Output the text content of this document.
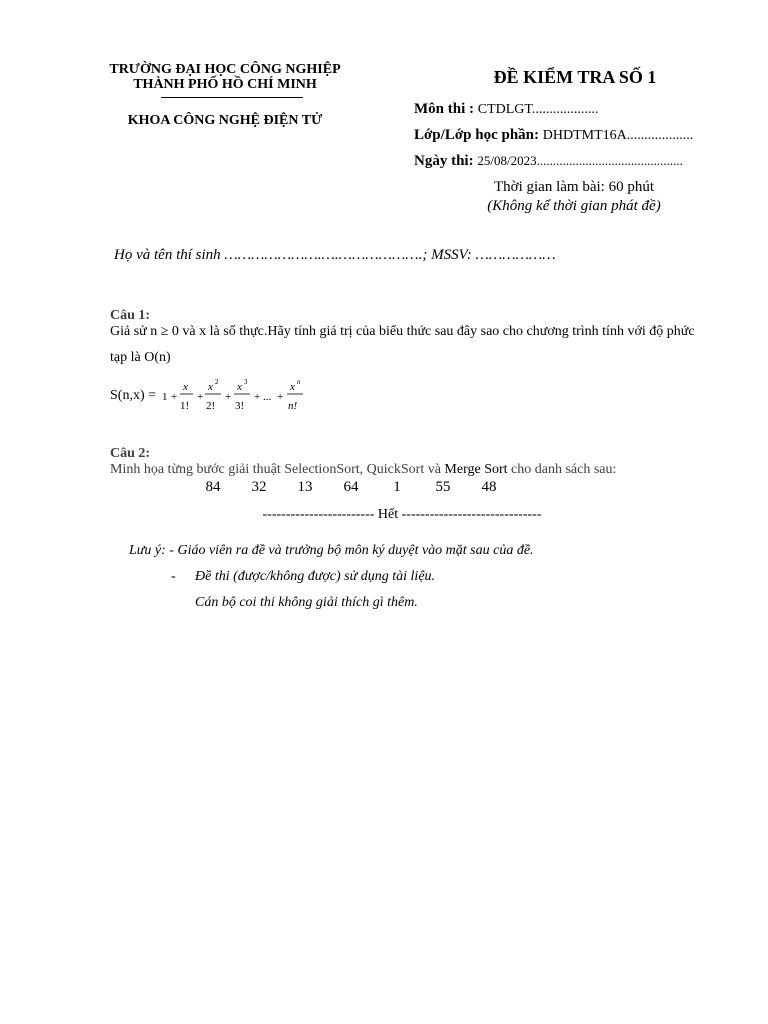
TRƯỜNG ĐẠI HỌC CÔNG NGHIỆP
THÀNH PHỐ HỒ CHÍ MINH
KHOA CÔNG NGHỆ ĐIỆN TỬ
ĐỀ KIỂM TRA SỐ 1
Môn thi : CTDLGT...................
Lớp/Lớp học phần: DHDTMT16A...................
Ngày thi: 25/08/2023.............................................
Thời gian làm bài: 60 phút
(Không kể thời gian phát đề)
Họ và tên thí sinh ………………….….……………….; MSSV: ………………
Câu 1:
Giả sử n ≥ 0 và x là số thực.Hãy tính giá trị của biểu thức sau đây sao cho chương trình tính với độ phức tạp là O(n)
S(n,x) = 1 +
x
1!
+
x 2
2!
+
x 3
3!
+ ... +
x n
n!
Câu 2:
Minh họa từng bước giải thuật SelectionSort, QuickSort và Merge Sort cho danh sách sau:
84 32 13 64 1 55 48
------------------------ Hết ------------------------------
Lưu ý: - Giáo viên ra đề và trưởng bộ môn ký duyệt vào mặt sau của đề.
- Đề thi (được/không được) sử dụng tài liệu.
Cán bộ coi thi không giải thích gì thêm.
